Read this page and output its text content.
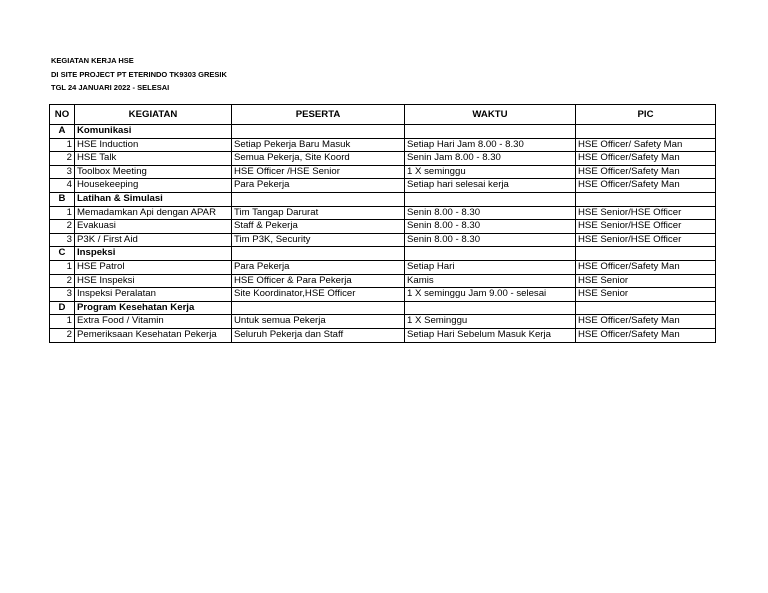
KEGIATAN KERJA HSE
DI SITE PROJECT PT ETERINDO TK9303 GRESIK
TGL 24 JANUARI 2022 - SELESAI
NO	KEGIATAN	PESERTA	WAKTU	PIC
A	Komunikasi			
1	HSE Induction	Setiap Pekerja Baru Masuk	Setiap Hari Jam 8.00 - 8.30	HSE Officer/ Safety Man
2	HSE Talk	Semua Pekerja, Site Koord	Senin Jam 8.00 - 8.30	HSE Officer/Safety Man
3	Toolbox Meeting	HSE Officer /HSE Senior	1 X seminggu	HSE Officer/Safety Man
4	Housekeeping	Para Pekerja	Setiap hari selesai kerja	HSE Officer/Safety Man
B	Latihan & Simulasi			
1	Memadamkan Api dengan APAR	Tim Tangap Darurat	Senin 8.00 - 8.30	HSE Senior/HSE Officer
2	Evakuasi	Staff & Pekerja	Senin 8.00 - 8.30	HSE Senior/HSE Officer
3	P3K / First Aid	Tim P3K, Security	Senin 8.00 - 8.30	HSE Senior/HSE Officer
C	Inspeksi			
1	HSE Patrol	Para Pekerja	Setiap Hari	HSE Officer/Safety Man
2	HSE Inspeksi	HSE Officer & Para Pekerja	Kamis	HSE Senior
3	Inspeksi Peralatan	Site Koordinator,HSE Officer	1 X seminggu Jam 9.00 - selesai	HSE Senior
D	Program Kesehatan Kerja			
1	Extra Food / Vitamin	Untuk semua Pekerja	1 X Seminggu	HSE Officer/Safety Man
2	Pemeriksaan Kesehatan Pekerja	Seluruh Pekerja dan Staff	Setiap Hari Sebelum Masuk Kerja	HSE Officer/Safety Man
